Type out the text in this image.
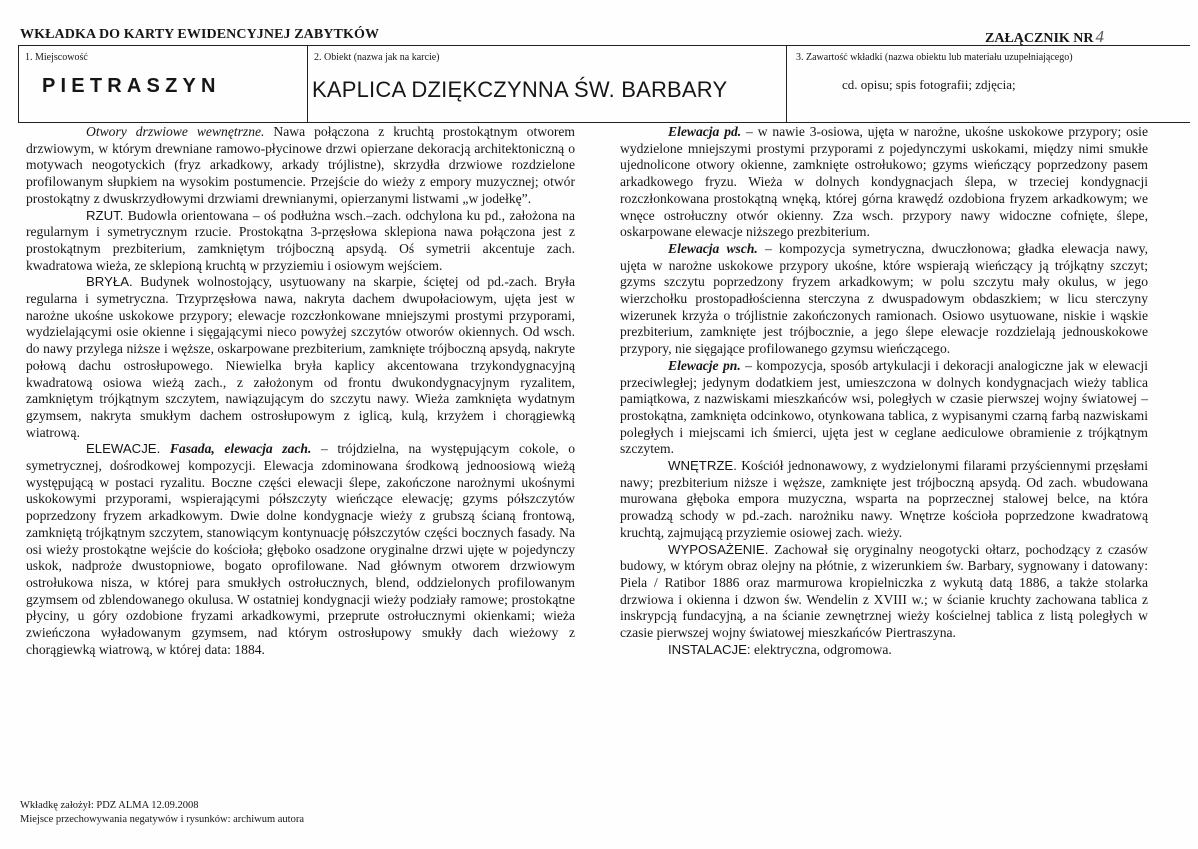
WKŁADKA DO KARTY EWIDENCYJNEJ ZABYTKÓW	ZAŁĄCZNIK NR 4
1. Miejscowość	2. Obiekt (nazwa jak na karcie)	3. Zawartość wkładki (nazwa obiektu lub materiału uzupełniającego)
PIETRASZYN	KAPLICA DZIĘKCZYNNA ŚW. BARBARY	cd. opisu; spis fotografii; zdjęcia;

Otwory drzwiowe wewnętrzne. Nawa połączona z kruchtą prostokątnym otworem drzwiowym, w którym drewniane ramowo-płycinowe drzwi opierzane dekoracją architektoniczną o motywach neogotyckich (fryz arkadkowy, arkady trójlistne), skrzydła drzwiowe rozdzielone profilowanym słupkiem na wysokim postumencie. Przejście do wieży z empory muzycznej; otwór prostokątny z dwuskrzydłowymi drzwiami drewnianymi, opierzanymi listwami „w jodełkę”.

RZUT. Budowla orientowana – oś podłużna wsch.–zach. odchylona ku pd., założona na regularnym i symetrycznym rzucie. Prostokątna 3-przęsłowa sklepiona nawa połączona jest z prostokątnym prezbiterium, zamkniętym trójboczną apsydą. Oś symetrii akcentuje zach. kwadratowa wieża, ze sklepioną kruchtą w przyziemiu i osiowym wejściem.

BRYŁA. Budynek wolnostojący, usytuowany na skarpie, ściętej od pd.-zach. Bryła regularna i symetryczna. Trzyprzęsłowa nawa, nakryta dachem dwupołaciowym, ujęta jest w narożne ukośne uskokowe przypory; elewacje rozczłonkowane mniejszymi prostymi przyporami, wydzielającymi osie okienne i sięgającymi nieco powyżej szczytów otworów okiennych. Od wsch. do nawy przylega niższe i węższe, oskarpowane prezbiterium, zamknięte trójboczną apsydą, nakryte połową dachu ostrosłupowego. Niewielka bryła kaplicy akcentowana trzykondygnacyjną kwadratową osiowa wieżą zach., z założonym od frontu dwukondygnacyjnym ryzalitem, zamkniętym trójkątnym szczytem, nawiązującym do szczytu nawy. Wieża zamknięta wydatnym gzymsem, nakryta smukłym dachem ostrosłupowym z iglicą, kulą, krzyżem i chorągiewką wiatrową.

ELEWACJE. Fasada, elewacja zach. – trójdzielna, na występującym cokole, o symetrycznej, dośrodkowej kompozycji. Elewacja zdominowana środkową jednoosiową wieżą występującą w postaci ryzalitu. Boczne części elewacji ślepe, zakończone narożnymi ukośnymi uskokowymi przyporami, wspierającymi półszczyty wieńczące elewację; gzyms półszczytów poprzedzony fryzem arkadkowym. Dwie dolne kondygnacje wieży z grubszą ścianą frontową, zamkniętą trójkątnym szczytem, stanowiącym kontynuację półszczytów części bocznych fasady. Na osi wieży prostokątne wejście do kościoła; głęboko osadzone oryginalne drzwi ujęte w pojedynczy uskok, nadproże dwustopniowe, bogato oprofilowane. Nad głównym otworem drzwiowym ostrołukowa nisza, w której para smukłych ostrołucznych, blend, oddzielonych profilowanym gzymsem od zblendowanego okulusa. W ostatniej kondygnacji wieży podziały ramowe; prostokątne płyciny, u góry ozdobione fryzami arkadkowymi, przeprute ostrołucznymi okienkami; wieża zwieńczona wyładowanym gzymsem, nad którym ostrosłupowy smukły dach wieżowy z chorągiewką wiatrową, w której data: 1884.

Elewacja pd. – w nawie 3-osiowa, ujęta w narożne, ukośne uskokowe przypory; osie wydzielone mniejszymi prostymi przyporami z pojedynczymi uskokami, między nimi smukłe ujednolicone otwory okienne, zamknięte ostrołukowo; gzyms wieńczący poprzedzony pasem arkadkowego fryzu. Wieża w dolnych kondygnacjach ślepa, w trzeciej kondygnacji rozczłonkowana prostokątną wnęką, której górna krawędź ozdobiona fryzem arkadkowym; we wnęce ostrołuczny otwór okienny. Zza wsch. przypory nawy widoczne cofnięte, ślepe, oskarpowane elewacje niższego prezbiterium.

Elewacja wsch. – kompozycja symetryczna, dwuczłonowa; gładka elewacja nawy, ujęta w narożne uskokowe przypory ukośne, które wspierają wieńczący ją trójkątny szczyt; gzyms szczytu poprzedzony fryzem arkadkowym; w polu szczytu mały okulus, w jego wierzchołku prostopadłościenna sterczyna z dwuspadowym obdaszkiem; w licu sterczyny wizerunek krzyża o trójlistnie zakończonych ramionach. Osiowo usytuowane, niskie i wąskie prezbiterium, zamknięte jest trójbocznie, a jego ślepe elewacje rozdzielają jednouskokowe przypory, nie sięgające profilowanego gzymsu wieńczącego.

Elewacje pn. – kompozycja, sposób artykulacji i dekoracji analogiczne jak w elewacji przeciwległej; jedynym dodatkiem jest, umieszczona w dolnych kondygnacjach wieży tablica pamiątkowa, z nazwiskami mieszkańców wsi, poległych w czasie pierwszej wojny światowej – prostokątna, zamknięta odcinkowo, otynkowana tablica, z wypisanymi czarną farbą nazwiskami poległych i miejscami ich śmierci, ujęta jest w ceglane aediculowe obramienie z trójkątnym szczytem.

WNĘTRZE. Kościół jednonawowy, z wydzielonymi filarami przyściennymi przęsłami nawy; prezbiterium niższe i węższe, zamknięte jest trójboczną apsydą. Od zach. wbudowana murowana głęboka empora muzyczna, wsparta na poprzecznej stalowej belce, na która prowadzą schody w pd.-zach. narożniku nawy. Wnętrze kościoła poprzedzone kwadratową kruchtą, zajmującą przyziemie osiowej zach. wieży.

WYPOSAŻENIE. Zachował się oryginalny neogotycki ołtarz, pochodzący z czasów budowy, w którym obraz olejny na płótnie, z wizerunkiem św. Barbary, sygnowany i datowany: Piela / Ratibor 1886 oraz marmurowa kropielniczka z wykutą datą 1886, a także stolarka drzwiowa i okienna i dzwon św. Wendelin z XVIII w.; w ścianie kruchty zachowana tablica z inskrypcją fundacyjną, a na ścianie zewnętrznej wieży kościelnej tablica z listą poległych w czasie pierwszej wojny światowej mieszkańców Piertraszyna.

INSTALACJE: elektryczna, odgromowa.

Wkładkę założył: PDZ ALMA 12.09.2008
Miejsce przechowywania negatywów i rysunków: archiwum autora
